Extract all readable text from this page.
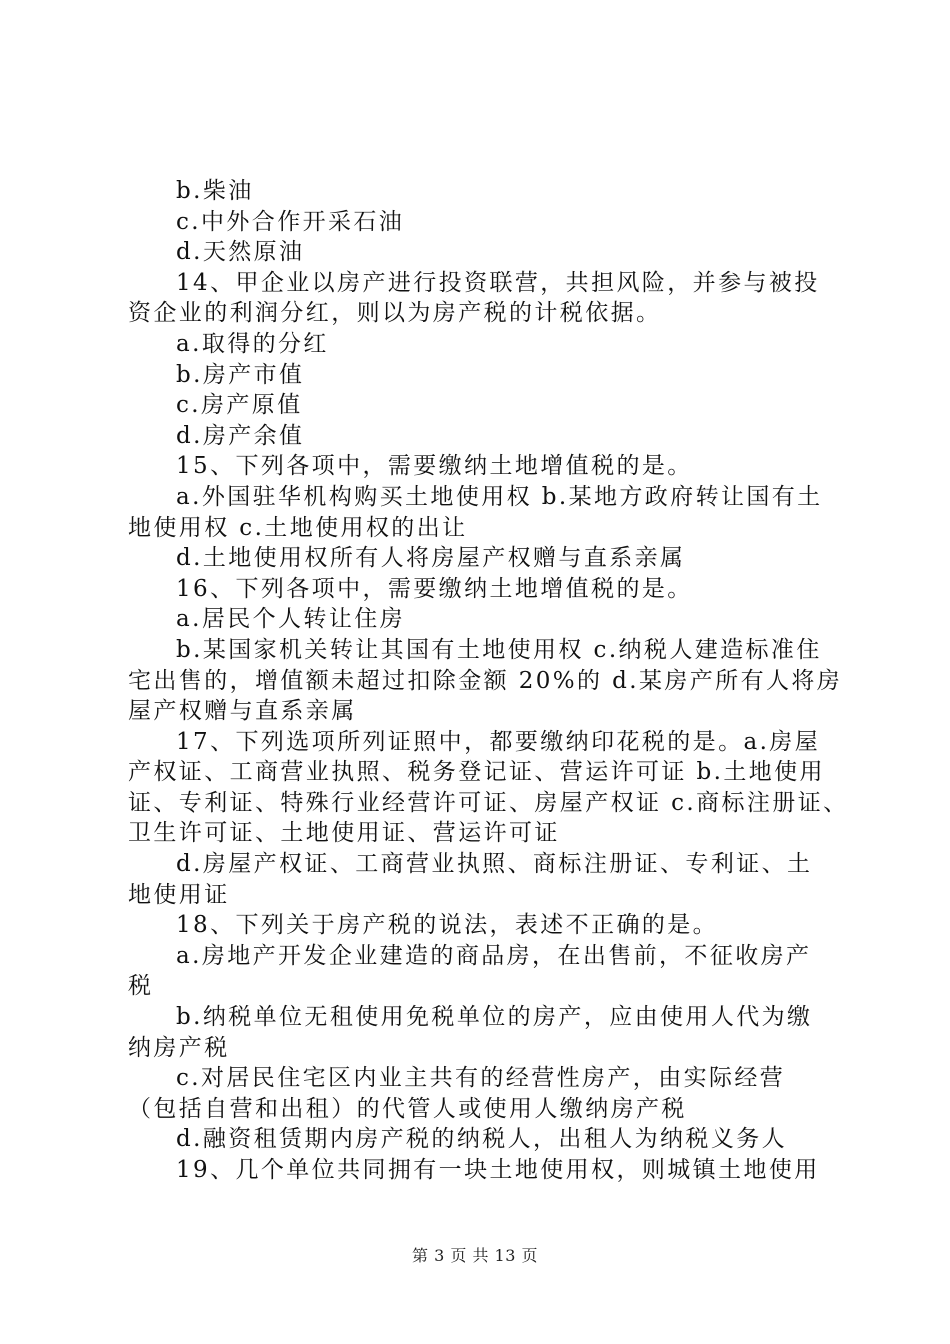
b.柴油
c.中外合作开采石油
d.天然原油
14、甲企业以房产进行投资联营，共担风险，并参与被投
资企业的利润分红，则以为房产税的计税依据。
a.取得的分红
b.房产市值
c.房产原值
d.房产余值
15、下列各项中，需要缴纳土地增值税的是。
a.外国驻华机构购买土地使用权 b.某地方政府转让国有土
地使用权 c.土地使用权的出让
d.土地使用权所有人将房屋产权赠与直系亲属
16、下列各项中，需要缴纳土地增值税的是。
a.居民个人转让住房
b.某国家机关转让其国有土地使用权 c.纳税人建造标准住
宅出售的，增值额未超过扣除金额 20%的 d.某房产所有人将房
屋产权赠与直系亲属
17、下列选项所列证照中，都要缴纳印花税的是。a.房屋
产权证、工商营业执照、税务登记证、营运许可证 b.土地使用
证、专利证、特殊行业经营许可证、房屋产权证 c.商标注册证、
卫生许可证、土地使用证、营运许可证
d.房屋产权证、工商营业执照、商标注册证、专利证、土
地使用证
18、下列关于房产税的说法，表述不正确的是。
a.房地产开发企业建造的商品房，在出售前，不征收房产
税
b.纳税单位无租使用免税单位的房产，应由使用人代为缴
纳房产税
c.对居民住宅区内业主共有的经营性房产，由实际经营
（包括自营和出租）的代管人或使用人缴纳房产税
d.融资租赁期内房产税的纳税人，出租人为纳税义务人
19、几个单位共同拥有一块土地使用权，则城镇土地使用
第 3 页 共 13 页
